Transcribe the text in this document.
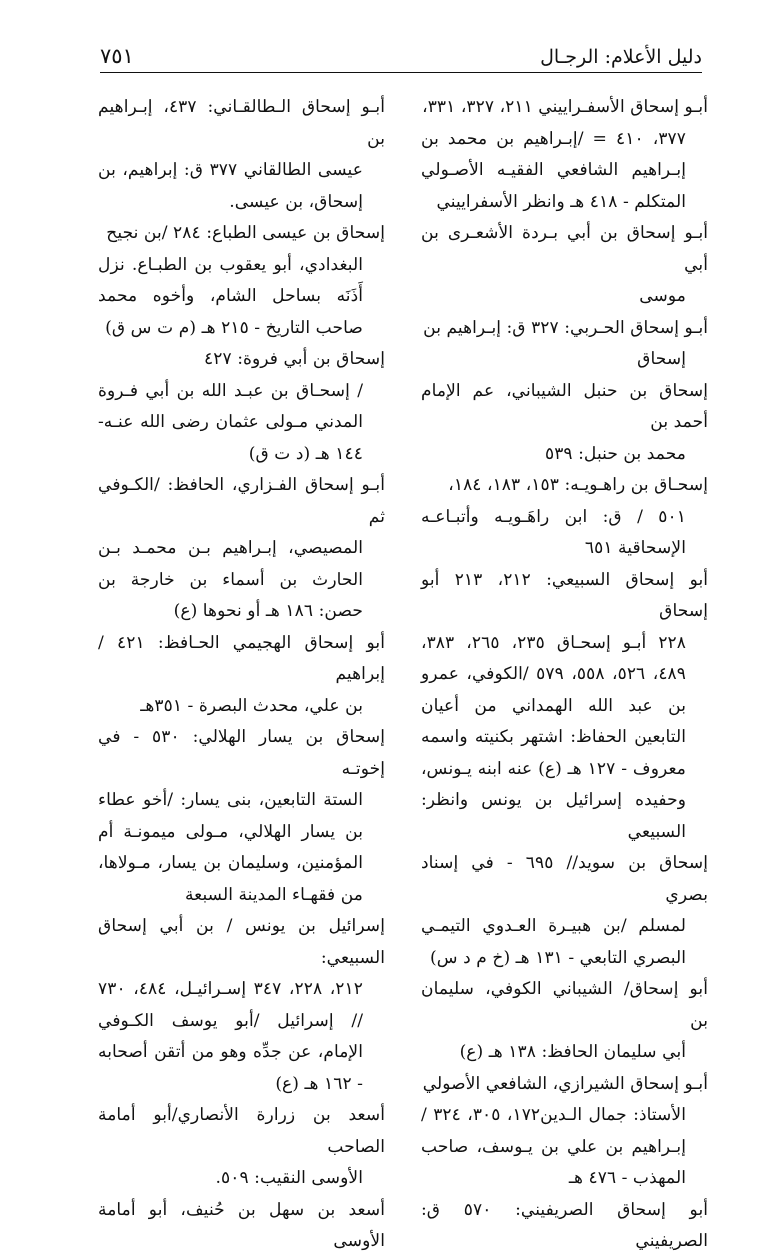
٧٥١	دليل الأعلام: الرجـال

أبـو إسحاق الأسفـراييني ٢١١، ٣٢٧، ٣٣١،
٣٧٧، ٤١٠ = /إبـراهيم بن محمد بن إبـراهيم الشافعي الفقيـه الأصـولي المتكلم - ٤١٨ هـ وانظر الأسفراييني

أبـو إسحاق بن أبي بـردة الأشعـرى بن أبي
موسى

أبـو إسحاق الحـربي: ٣٢٧ ق: إبـراهيم بن
إسحاق

إسحاق بن حنبل الشيباني، عم الإمام أحمد بن
محمد بن حنبل: ٥٣٩

إسحـاق بن راهـويـه: ١٥٣، ١٨٣، ١٨٤،
٥٠١ / ق: ابن راهَـويـه وأتبـاعـه الإسحاقية ٦٥١

أبو إسحاق السبيعي: ٢١٢، ٢١٣ أبو إسحاق
٢٢٨ أبـو إسحـاق ٢٣٥، ٢٦٥، ٣٨٣، ٤٨٩، ٥٢٦، ٥٥٨، ٥٧٩ /الكوفي، عمرو بن عبد الله الهمداني من أعيان التابعين الحفاظ: اشتهر بكنيته واسمه معروف - ١٢٧ هـ (ع) عنه ابنه يـونس، وحفيده إسرائيل بن يونس وانظر: السبيعي

إسحاق بن سويد// ٦٩٥ - في إسناد بصري
لمسلم /بن هبيـرة العـدوي التيمـي البصري التابعي - ١٣١ هـ (خ م د س)

أبو إسحاق/ الشيباني الكوفي، سليمان بن
أبي سليمان الحافظ: ١٣٨ هـ (ع)

أبـو إسحاق الشيرازي، الشافعي الأصولي
الأستاذ: جمال الـدين١٧٢، ٣٠٥، ٣٢٤ /إبـراهيم بن علي بن يـوسف، صاحب المهذب - ٤٧٦ هـ

أبو إسحاق الصريفيني: ٥٧٠ ق: الصريفيني

أبـو إسحاق الـطالقـاني: ٤٣٧، إبـراهيم بن
عيسى الطالقاني ٣٧٧ ق: إبراهيم، بن إسحاق، بن عيسى.

إسحاق بن عيسى الطباع: ٢٨٤ /بن نجيح
البغدادي، أبو يعقوب بن الطبـاع. نزل أَذَنَه بساحل الشام، وأخوه محمد صاحب التاريخ - ٢١٥ هـ (م ت س ق)

إسحاق بن أبي فروة: ٤٢٧
/ إسحـاق بن عبـد الله بن أبي فـروة المدني مـولى عثمان رضى الله عنـه- ١٤٤ هـ (د ت ق)

أبـو إسحاق الفـزاري، الحافظ: /الكـوفي ثم
المصيصي، إبـراهيم بـن محمـد بـن الحارث بن أسماء بن خارجة بن حصن: ١٨٦ هـ أو نحوها (ع)

أبو إسحاق الهجيمي الحـافظ: ٤٢١ /إبراهيم
بن علي، محدث البصرة - ٣٥١هـ

إسحاق بن يسار الهلالي: ٥٣٠ - في إخوتـه
الستة التابعين، بنى يسار: /أخو عطاء بن يسار الهلالي، مـولى ميمونـة أم المؤمنين، وسليمان بن يسار، مـولاها، من فقهـاء المدينة السبعة

إسرائيل بن يونس / بن أبي إسحاق السبيعي:
٢١٢، ٢٢٨، ٣٤٧ إسـرائيـل، ٤٨٤، ٧٣٠ // إسرائيل /أبو يوسف الكـوفي الإمام، عن جدِّه وهو من أتقن أصحابه - ١٦٢ هـ (ع)

أسعد بن زرارة الأنصاري/أبو أمامة الصاحب
الأوسى النقيب: ٥٠٩.

أسعد بن سهل بن حُنيف، أبو أمامة الأوسى
